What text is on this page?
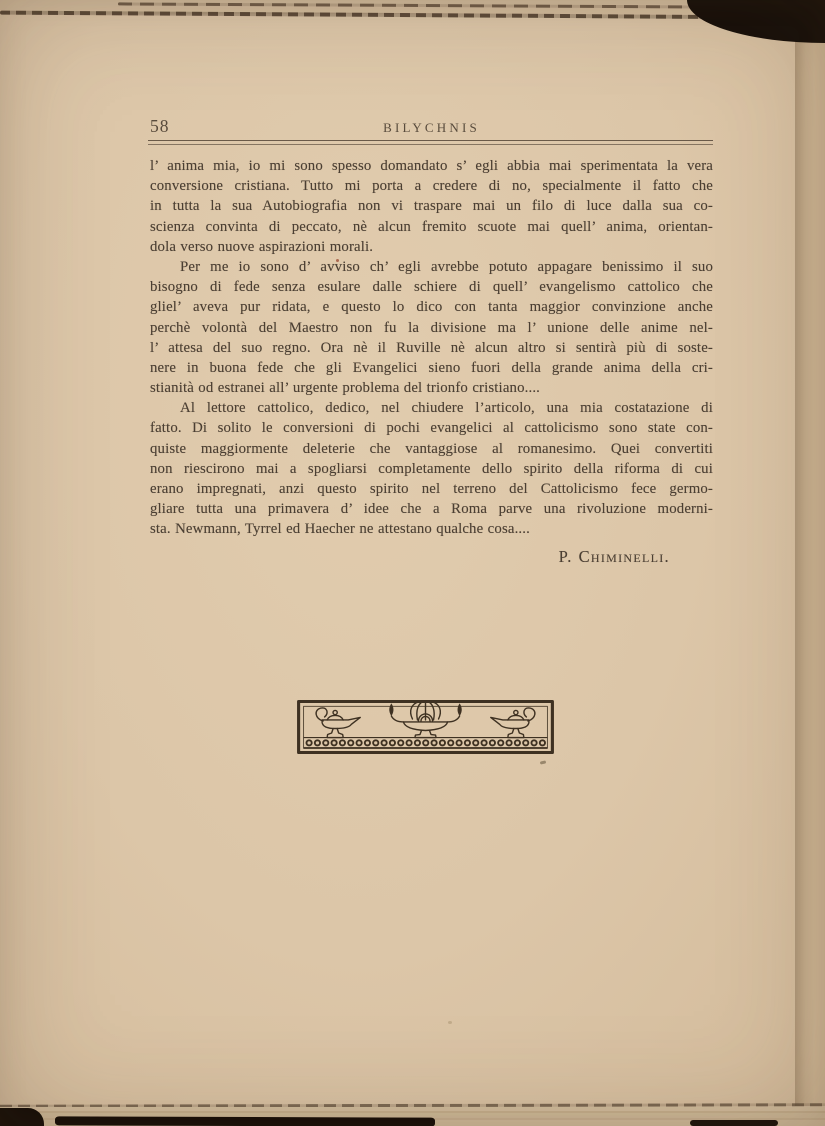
58	BILYCHNIS
l’ anima mia, io mi sono spesso domandato s’ egli abbia mai sperimentata la vera
conversione cristiana. Tutto mi porta a credere di no, specialmente il fatto che
in tutta la sua Autobiografia non vi traspare mai un filo di luce dalla sua co-
scienza convinta di peccato, nè alcun fremito scuote mai quell’ anima, orientan-
dola verso nuove aspirazioni morali.
Per me io sono d’ avviso ch’ egli avrebbe potuto appagare benissimo il suo
bisogno di fede senza esulare dalle schiere di quell’ evangelismo cattolico che
gliel’ aveva pur ridata, e questo lo dico con tanta maggior convinzione anche
perchè volontà del Maestro non fu la divisione ma l’ unione delle anime nel-
l’ attesa del suo regno. Ora nè il Ruville nè alcun altro si sentirà più di soste-
nere in buona fede che gli Evangelici sieno fuori della grande anima della cri-
stianità od estranei all’ urgente problema del trionfo cristiano....
Al lettore cattolico, dedico, nel chiudere l’articolo, una mia costatazione di
fatto. Di solito le conversioni di pochi evangelici al cattolicismo sono state con-
quiste maggiormente deleterie che vantaggiose al romanesimo. Quei convertiti
non riescirono mai a spogliarsi completamente dello spirito della riforma di cui
erano impregnati, anzi questo spirito nel terreno del Cattolicismo fece germo-
gliare tutta una primavera d’ idee che a Roma parve una rivoluzione moderni-
sta. Newmann, Tyrrel ed Haecher ne attestano qualche cosa....
P. Chiminelli.
